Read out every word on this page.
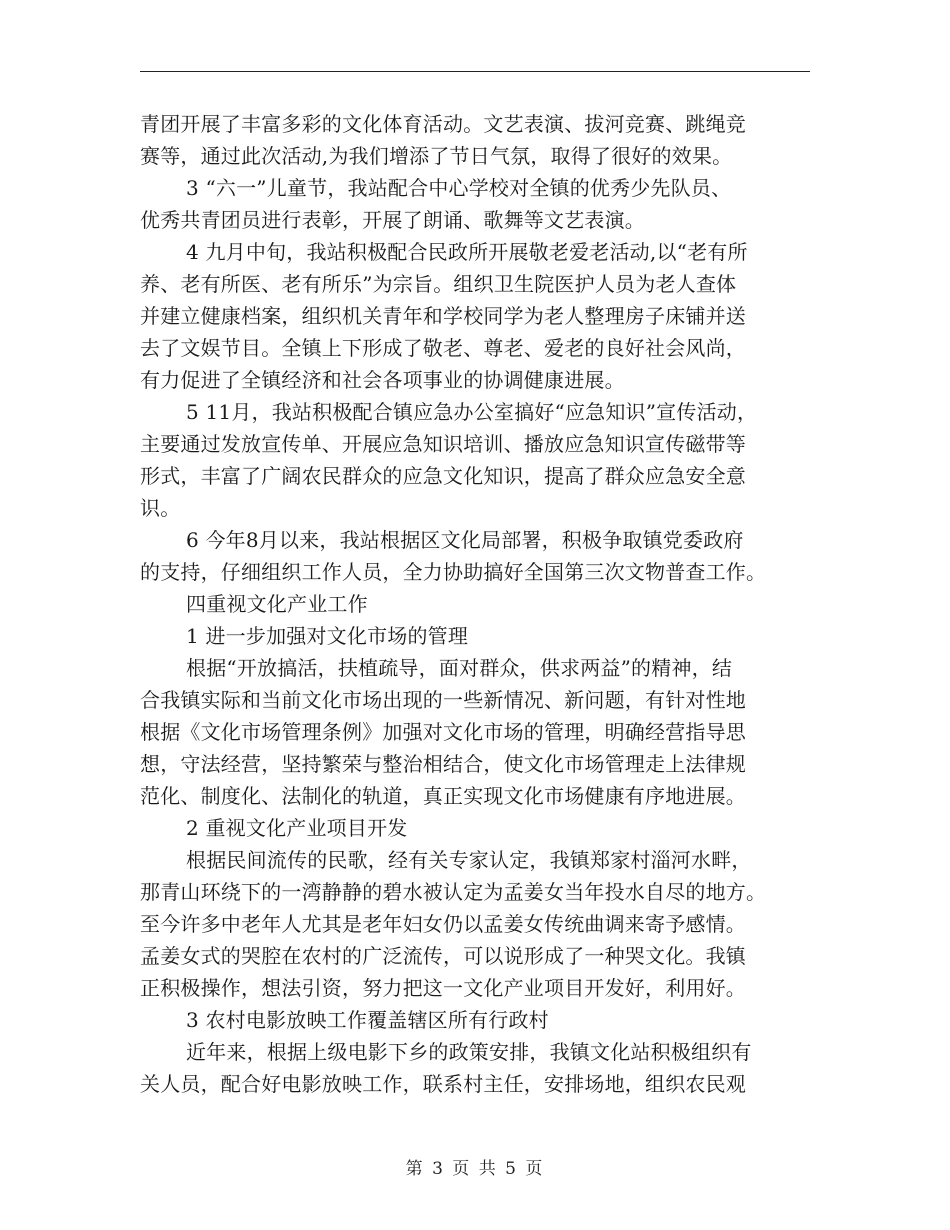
青团开展了丰富多彩的文化体育活动。文艺表演、拔河竞赛、跳绳竞
赛等，通过此次活动,为我们增添了节日气氛，取得了很好的效果。
3 “六一”儿童节，我站配合中心学校对全镇的优秀少先队员、
优秀共青团员进行表彰，开展了朗诵、歌舞等文艺表演。
4 九月中旬，我站积极配合民政所开展敬老爱老活动,以“老有所
养、老有所医、老有所乐”为宗旨。组织卫生院医护人员为老人查体
并建立健康档案，组织机关青年和学校同学为老人整理房子床铺并送
去了文娱节目。全镇上下形成了敬老、尊老、爱老的良好社会风尚，
有力促进了全镇经济和社会各项事业的协调健康进展。
5 11月，我站积极配合镇应急办公室搞好“应急知识”宣传活动，
主要通过发放宣传单、开展应急知识培训、播放应急知识宣传磁带等
形式，丰富了广阔农民群众的应急文化知识，提高了群众应急安全意
识。
6 今年8月以来，我站根据区文化局部署，积极争取镇党委政府
的支持，仔细组织工作人员，全力协助搞好全国第三次文物普查工作。
四重视文化产业工作
1 进一步加强对文化市场的管理
根据“开放搞活，扶植疏导，面对群众，供求两益”的精神，结
合我镇实际和当前文化市场出现的一些新情况、新问题，有针对性地
根据《文化市场管理条例》加强对文化市场的管理，明确经营指导思
想，守法经营，坚持繁荣与整治相结合，使文化市场管理走上法律规
范化、制度化、法制化的轨道，真正实现文化市场健康有序地进展。
2 重视文化产业项目开发
根据民间流传的民歌，经有关专家认定，我镇郑家村淄河水畔，
那青山环绕下的一湾静静的碧水被认定为孟姜女当年投水自尽的地方。
至今许多中老年人尤其是老年妇女仍以孟姜女传统曲调来寄予感情。
孟姜女式的哭腔在农村的广泛流传，可以说形成了一种哭文化。我镇
正积极操作，想法引资，努力把这一文化产业项目开发好，利用好。
3 农村电影放映工作覆盖辖区所有行政村
近年来，根据上级电影下乡的政策安排，我镇文化站积极组织有
关人员，配合好电影放映工作，联系村主任，安排场地，组织农民观
第 3 页 共 5 页
